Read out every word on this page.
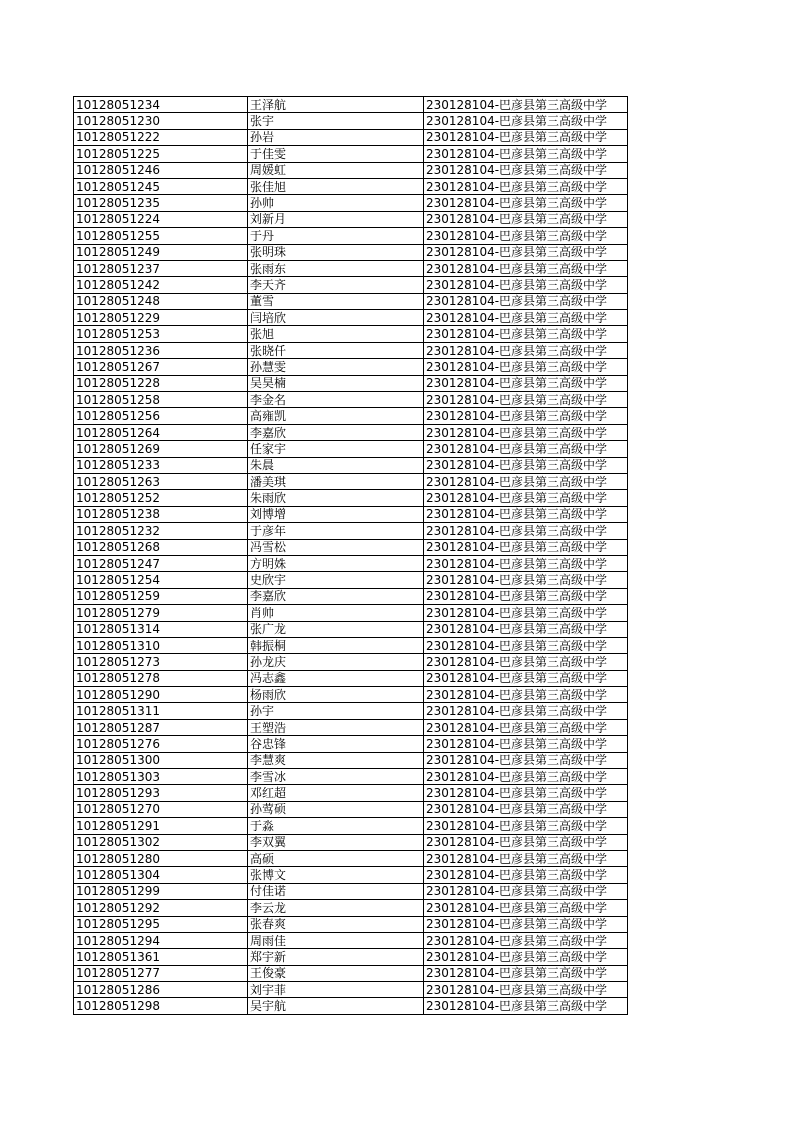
10128051234	王泽航	230128104-巴彦县第三高级中学
10128051230	张宇	230128104-巴彦县第三高级中学
10128051222	孙岩	230128104-巴彦县第三高级中学
10128051225	于佳雯	230128104-巴彦县第三高级中学
10128051246	周媛虹	230128104-巴彦县第三高级中学
10128051245	张佳旭	230128104-巴彦县第三高级中学
10128051235	孙帅	230128104-巴彦县第三高级中学
10128051224	刘新月	230128104-巴彦县第三高级中学
10128051255	于丹	230128104-巴彦县第三高级中学
10128051249	张明珠	230128104-巴彦县第三高级中学
10128051237	张雨东	230128104-巴彦县第三高级中学
10128051242	李天齐	230128104-巴彦县第三高级中学
10128051248	董雪	230128104-巴彦县第三高级中学
10128051229	闫培欣	230128104-巴彦县第三高级中学
10128051253	张旭	230128104-巴彦县第三高级中学
10128051236	张晓仟	230128104-巴彦县第三高级中学
10128051267	孙慧雯	230128104-巴彦县第三高级中学
10128051228	吴昊楠	230128104-巴彦县第三高级中学
10128051258	李金名	230128104-巴彦县第三高级中学
10128051256	高雍凯	230128104-巴彦县第三高级中学
10128051264	李嘉欣	230128104-巴彦县第三高级中学
10128051269	任家宇	230128104-巴彦县第三高级中学
10128051233	朱晨	230128104-巴彦县第三高级中学
10128051263	潘美琪	230128104-巴彦县第三高级中学
10128051252	朱雨欣	230128104-巴彦县第三高级中学
10128051238	刘博增	230128104-巴彦县第三高级中学
10128051232	于彦年	230128104-巴彦县第三高级中学
10128051268	冯雪松	230128104-巴彦县第三高级中学
10128051247	方明姝	230128104-巴彦县第三高级中学
10128051254	史欣宇	230128104-巴彦县第三高级中学
10128051259	李嘉欣	230128104-巴彦县第三高级中学
10128051279	肖帅	230128104-巴彦县第三高级中学
10128051314	张广龙	230128104-巴彦县第三高级中学
10128051310	韩振桐	230128104-巴彦县第三高级中学
10128051273	孙龙庆	230128104-巴彦县第三高级中学
10128051278	冯志鑫	230128104-巴彦县第三高级中学
10128051290	杨雨欣	230128104-巴彦县第三高级中学
10128051311	孙宇	230128104-巴彦县第三高级中学
10128051287	王塑浩	230128104-巴彦县第三高级中学
10128051276	谷忠锋	230128104-巴彦县第三高级中学
10128051300	李慧爽	230128104-巴彦县第三高级中学
10128051303	李雪冰	230128104-巴彦县第三高级中学
10128051293	邓红超	230128104-巴彦县第三高级中学
10128051270	孙莺硕	230128104-巴彦县第三高级中学
10128051291	于淼	230128104-巴彦县第三高级中学
10128051302	李双翼	230128104-巴彦县第三高级中学
10128051280	高硕	230128104-巴彦县第三高级中学
10128051304	张博文	230128104-巴彦县第三高级中学
10128051299	付佳诺	230128104-巴彦县第三高级中学
10128051292	李云龙	230128104-巴彦县第三高级中学
10128051295	张春爽	230128104-巴彦县第三高级中学
10128051294	周雨佳	230128104-巴彦县第三高级中学
10128051361	郑宇新	230128104-巴彦县第三高级中学
10128051277	王俊豪	230128104-巴彦县第三高级中学
10128051286	刘宇菲	230128104-巴彦县第三高级中学
10128051298	吴宇航	230128104-巴彦县第三高级中学
